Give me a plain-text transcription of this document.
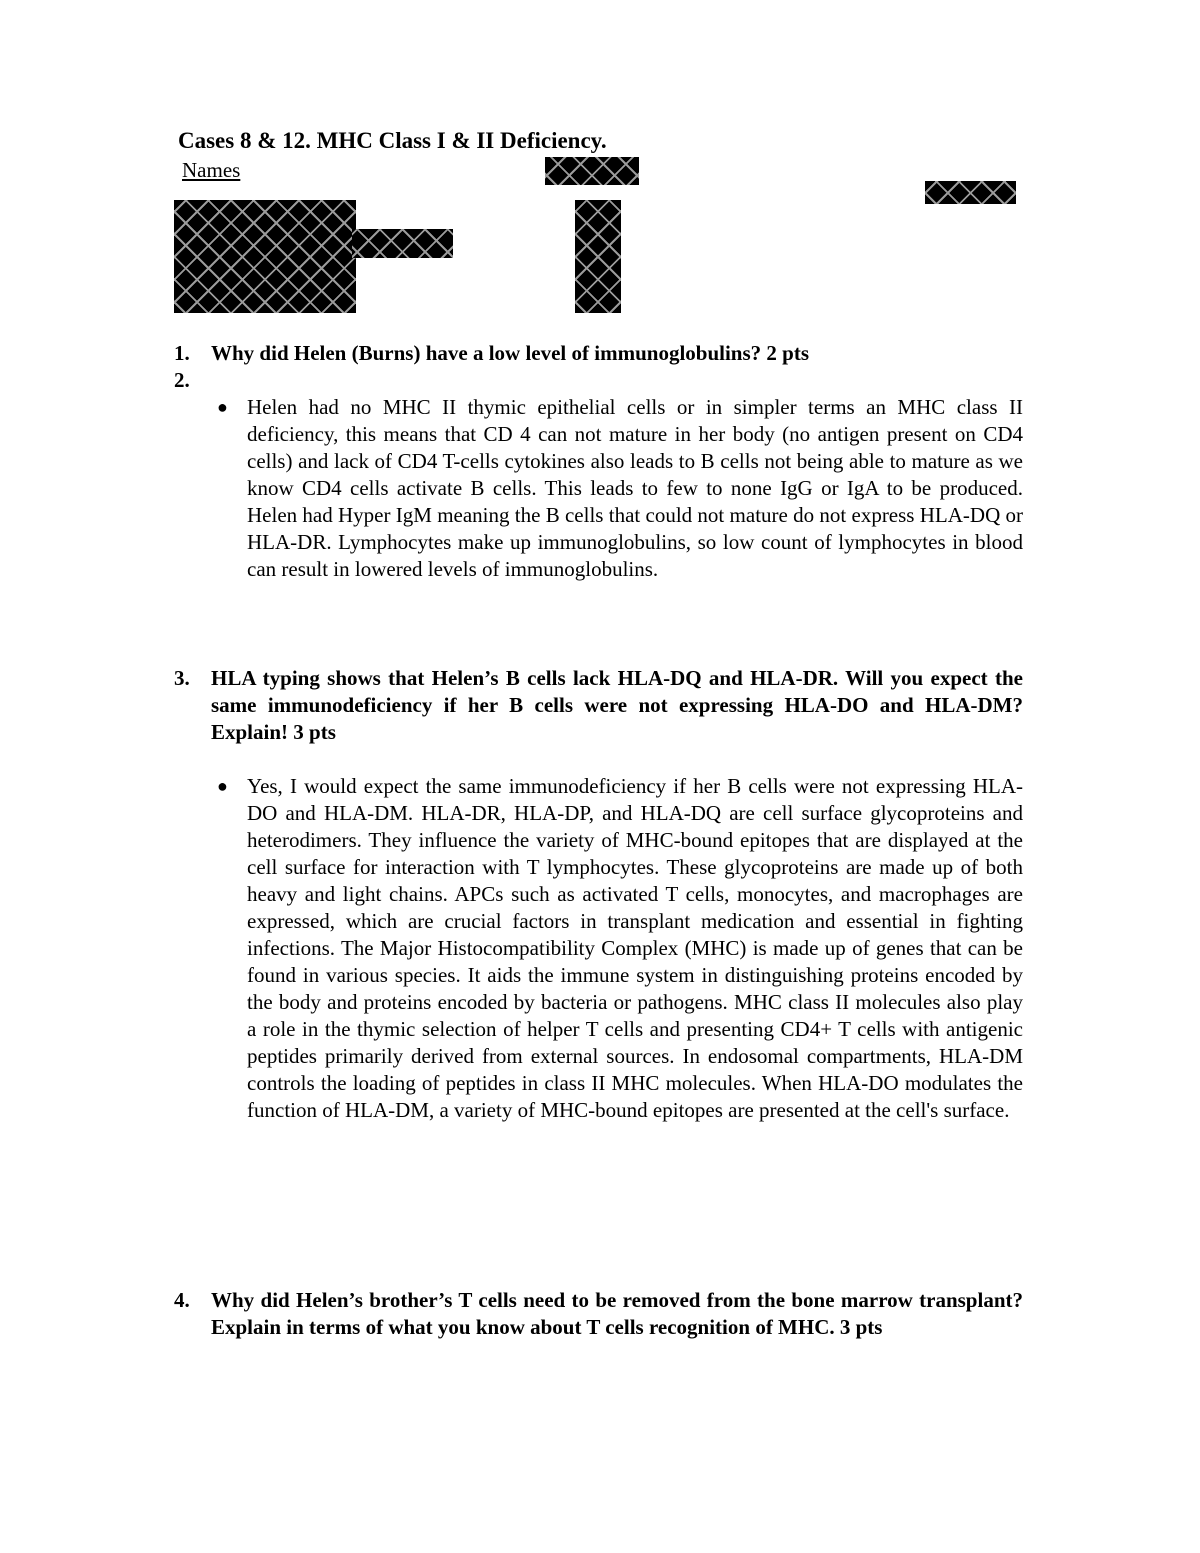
Cases 8 & 12. MHC Class I & II Deficiency.
Names
1. Why did Helen (Burns) have a low level of immunoglobulins? 2 pts
2.
● Helen had no MHC II thymic epithelial cells or in simpler terms an MHC class II deficiency, this means that CD 4 can not mature in her body (no antigen present on CD4 cells) and lack of CD4 T-cells cytokines also leads to B cells not being able to mature as we know CD4 cells activate B cells. This leads to few to none IgG or IgA to be produced. Helen had Hyper IgM meaning the B cells that could not mature do not express HLA-DQ or HLA-DR. Lymphocytes make up immunoglobulins, so low count of lymphocytes in blood can result in lowered levels of immunoglobulins.
3. HLA typing shows that Helen’s B cells lack HLA-DQ and HLA-DR. Will you expect the same immunodeficiency if her B cells were not expressing HLA-DO and HLA-DM? Explain! 3 pts
● Yes, I would expect the same immunodeficiency if her B cells were not expressing HLA-DO and HLA-DM. HLA-DR, HLA-DP, and HLA-DQ are cell surface glycoproteins and heterodimers. They influence the variety of MHC-bound epitopes that are displayed at the cell surface for interaction with T lymphocytes. These glycoproteins are made up of both heavy and light chains. APCs such as activated T cells, monocytes, and macrophages are expressed, which are crucial factors in transplant medication and essential in fighting infections. The Major Histocompatibility Complex (MHC) is made up of genes that can be found in various species. It aids the immune system in distinguishing proteins encoded by the body and proteins encoded by bacteria or pathogens. MHC class II molecules also play a role in the thymic selection of helper T cells and presenting CD4+ T cells with antigenic peptides primarily derived from external sources. In endosomal compartments, HLA-DM controls the loading of peptides in class II MHC molecules. When HLA-DO modulates the function of HLA-DM, a variety of MHC-bound epitopes are presented at the cell's surface.
4. Why did Helen’s brother’s T cells need to be removed from the bone marrow transplant? Explain in terms of what you know about T cells recognition of MHC. 3 pts
